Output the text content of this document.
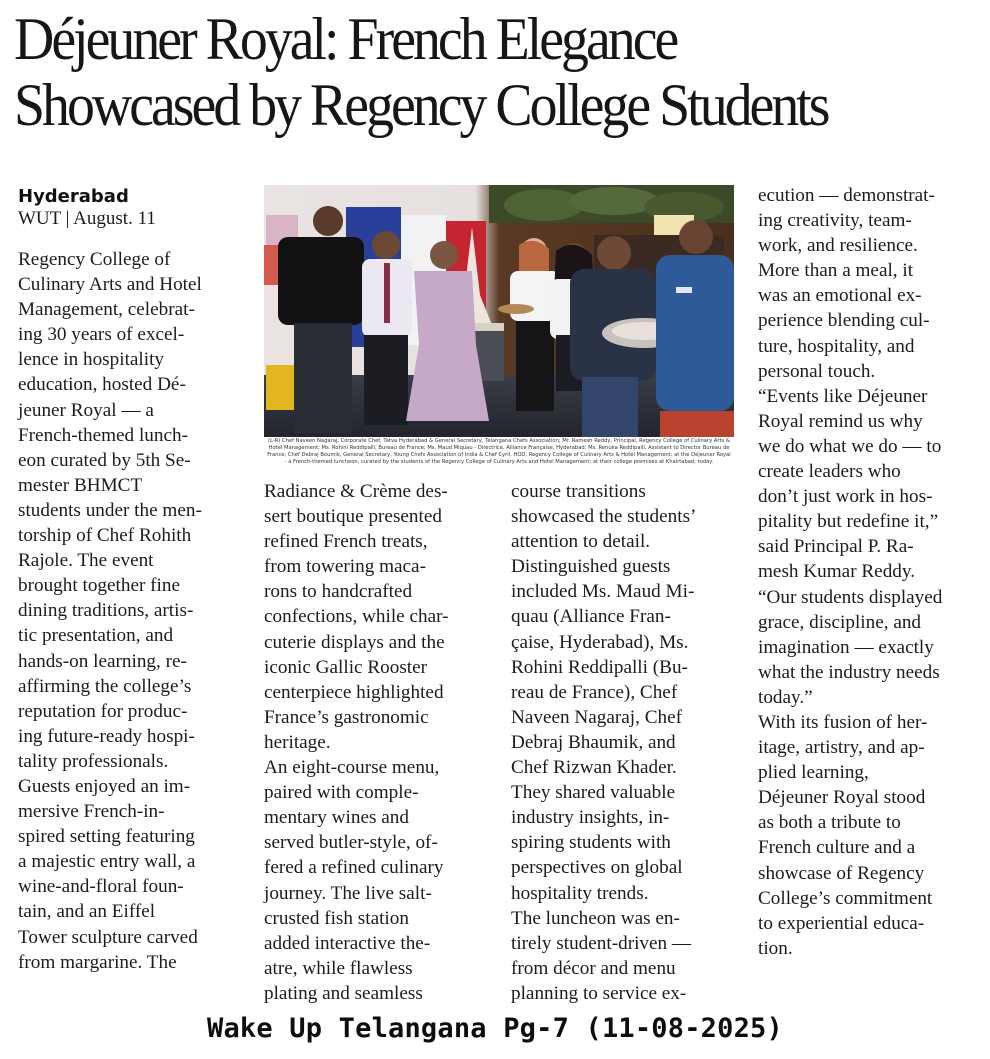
Déjeuner Royal: French Elegance
Showcased by Regency College Students
Hyderabad
WUT | August. 11

Regency College of
Culinary Arts and Hotel
Management, celebrat-
ing 30 years of excel-
lence in hospitality
education, hosted Dé-
jeuner Royal — a
French-themed lunch-
eon curated by 5th Se-
mester BHMCT
students under the men-
torship of Chef Rohith
Rajole. The event
brought together fine
dining traditions, artis-
tic presentation, and
hands-on learning, re-
affirming the college’s
reputation for produc-
ing future-ready hospi-
tality professionals.
Guests enjoyed an im-
mersive French-in-
spired setting featuring
a majestic entry wall, a
wine-and-floral foun-
tain, and an Eiffel
Tower sculpture carved
from margarine. The

(L-R) Chef Naveen Nagaraj, Corporate Chef, Tatva Hyderabad & General Secretary, Telangana Chefs Association; Mr. Ramesh Reddy, Principal, Regency College of Culinary Arts & Hotel Management; Ms. Rohini Reddipalli, Bureau de France; Ms. Maud Miquau - Directrice, Alliance Française, Hyderabad; Ms. Renuka Reddipalli, Assistant to Director Bureau de France; Chef Debraj Boumik, General Secretary, Young Chefs Association of India & Chef Cyril, HOD, Regency College of Culinary Arts & Hotel Management; at the Déjeuner Royal - a French-themed luncheon, curated by the students of the Regency College of Culinary Arts and Hotel Management; at their college premises at Khairtabad; today.

Radiance & Crème des-
sert boutique presented
refined French treats,
from towering maca-
rons to handcrafted
confections, while char-
cuterie displays and the
iconic Gallic Rooster
centerpiece highlighted
France’s gastronomic
heritage.
An eight-course menu,
paired with comple-
mentary wines and
served butler-style, of-
fered a refined culinary
journey. The live salt-
crusted fish station
added interactive the-
atre, while flawless
plating and seamless

course transitions
showcased the students’
attention to detail.
Distinguished guests
included Ms. Maud Mi-
quau (Alliance Fran-
çaise, Hyderabad), Ms.
Rohini Reddipalli (Bu-
reau de France), Chef
Naveen Nagaraj, Chef
Debraj Bhaumik, and
Chef Rizwan Khader.
They shared valuable
industry insights, in-
spiring students with
perspectives on global
hospitality trends.
The luncheon was en-
tirely student-driven —
from décor and menu
planning to service ex-

ecution — demonstrat-
ing creativity, team-
work, and resilience.
More than a meal, it
was an emotional ex-
perience blending cul-
ture, hospitality, and
personal touch.
“Events like Déjeuner
Royal remind us why
we do what we do — to
create leaders who
don’t just work in hos-
pitality but redefine it,”
said Principal P. Ra-
mesh Kumar Reddy.
“Our students displayed
grace, discipline, and
imagination — exactly
what the industry needs
today.”
With its fusion of her-
itage, artistry, and ap-
plied learning,
Déjeuner Royal stood
as both a tribute to
French culture and a
showcase of Regency
College’s commitment
to experiential educa-
tion.

Wake Up Telangana Pg-7 (11-08-2025)
